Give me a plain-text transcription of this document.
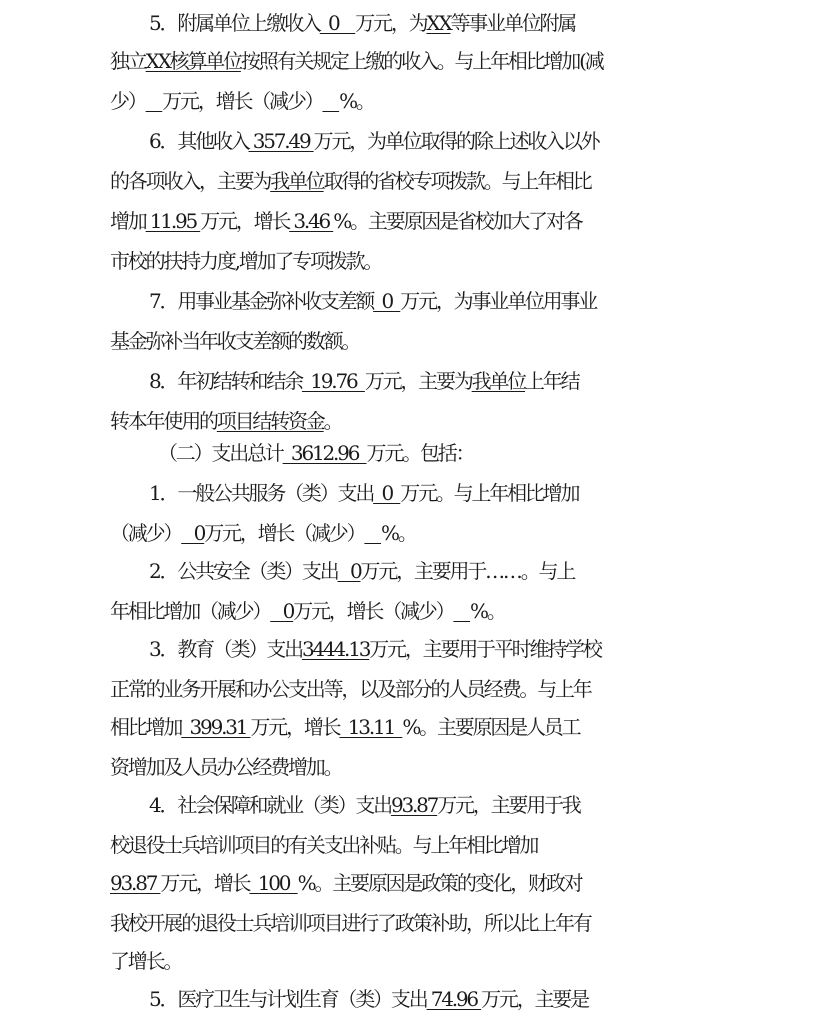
5．附属单位上缴收入  0    万元，为XX等事业单位附属
独立XX核算单位按照有关规定上缴的收入。与上年相比增加(减
少） 万元，增长（减少） %。
6．其他收入 357.49 万元，为单位取得的除上述收入以外
的各项收入，主要为我单位取得的省校专项拨款。与上年相比
增加 11.95 万元，增长 3.46 %。主要原因是省校加大了对各
市校的扶持力度,增加了专项拨款。
7．用事业基金弥补收支差额  0  万元，为事业单位用事业
基金弥补当年收支差额的数额。
8．年初结转和结余  19.76  万元，主要为我单位上年结
转本年使用的项目结转资金。
（二）支出总计  3612.96  万元。包括：
1．一般公共服务（类）支出  0  万元。与上年相比增加
（减少）   0万元，增长（减少） %。
2．公共安全（类）支出   0万元，主要用于……。与上
年相比增加（减少）   0万元，增长（减少） %。
3．教育（类）支出3444.13万元，主要用于平时维持学校
正常的业务开展和办公支出等，以及部分的人员经费。与上年
相比增加  399.31 万元，增长  13.11  %。主要原因是人员工
资增加及人员办公经费增加。
4．社会保障和就业（类）支出93.87万元，主要用于我
校退役士兵培训项目的有关支出补贴。与上年相比增加
93.87 万元，增长  100  %。主要原因是政策的变化，财政对
我校开展的退役士兵培训项目进行了政策补助，所以比上年有
了增长。
5．医疗卫生与计划生育（类）支出 74.96 万元，主要是
